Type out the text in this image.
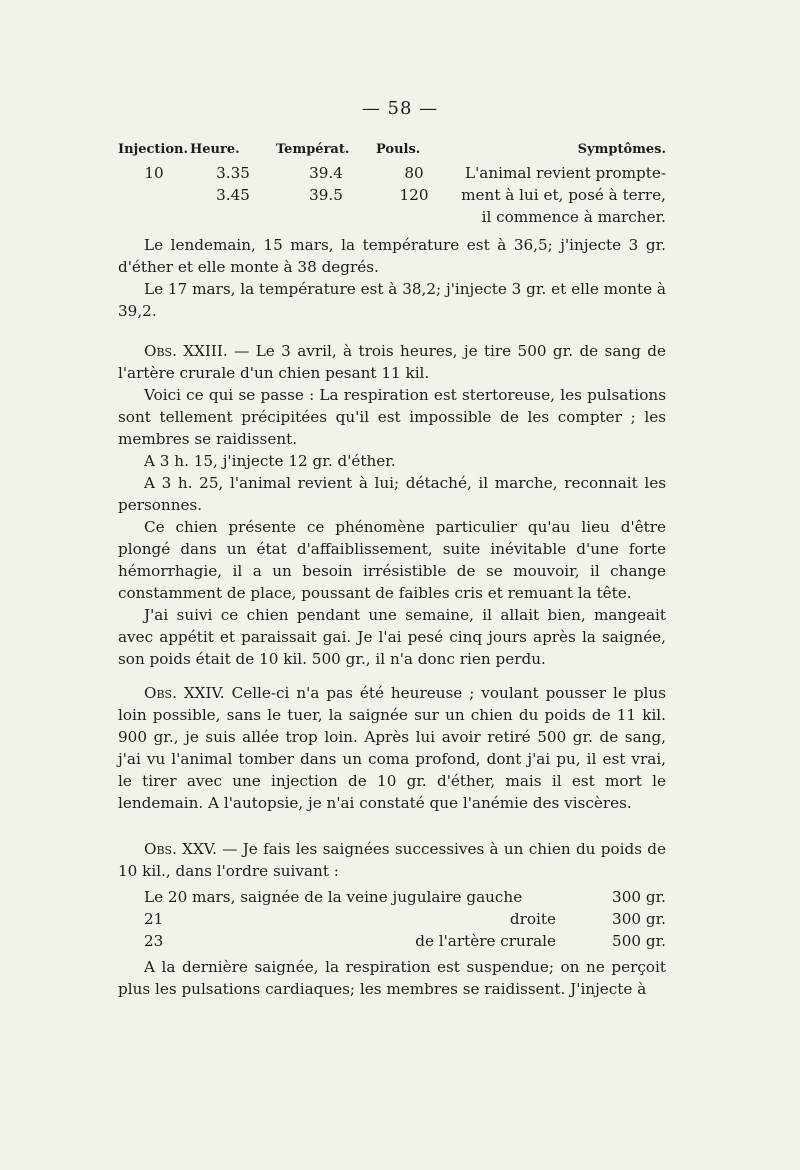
— 58 —
Injection.	Heure.	Températ.	Pouls.	Symptômes.
10	3.35	39.4	80	L'animal revient prompte-
	3.45	39.5	120	ment à lui et, posé à terre,
				il commence à marcher.

Le lendemain, 15 mars, la température est à 36,5; j'injecte 3 gr. d'éther et elle monte à 38 degrés.

Le 17 mars, la température est à 38,2; j'injecte 3 gr. et elle monte à 39,2.

Obs. XXIII. — Le 3 avril, à trois heures, je tire 500 gr. de sang de l'artère crurale d'un chien pesant 11 kil.

Voici ce qui se passe : La respiration est stertoreuse, les pulsations sont tellement précipitées qu'il est impossible de les compter ; les membres se raidissent.

A 3 h. 15, j'injecte 12 gr. d'éther.

A 3 h. 25, l'animal revient à lui; détaché, il marche, reconnait les personnes.

Ce chien présente ce phénomène particulier qu'au lieu d'être plongé dans un état d'affaiblissement, suite inévitable d'une forte hémorrhagie, il a un besoin irrésistible de se mouvoir, il change constamment de place, poussant de faibles cris et remuant la tête.

J'ai suivi ce chien pendant une semaine, il allait bien, mangeait avec appétit et paraissait gai. Je l'ai pesé cinq jours après la saignée, son poids était de 10 kil. 500 gr., il n'a donc rien perdu.

Obs. XXIV. Celle-ci n'a pas été heureuse ; voulant pousser le plus loin possible, sans le tuer, la saignée sur un chien du poids de 11 kil. 900 gr., je suis allée trop loin. Après lui avoir retiré 500 gr. de sang, j'ai vu l'animal tomber dans un coma profond, dont j'ai pu, il est vrai, le tirer avec une injection de 10 gr. d'éther, mais il est mort le lendemain. A l'autopsie, je n'ai constaté que l'anémie des viscères.

Obs. XXV. — Je fais les saignées successives à un chien du poids de 10 kil., dans l'ordre suivant :

Le 20 mars, saignée de la veine jugulaire gauche			300 gr.
	21	droite	300 gr.
	23	de l'artère crurale	500 gr.

A la dernière saignée, la respiration est suspendue; on ne perçoit plus les pulsations cardiaques; les membres se raidissent. J'injecte à
